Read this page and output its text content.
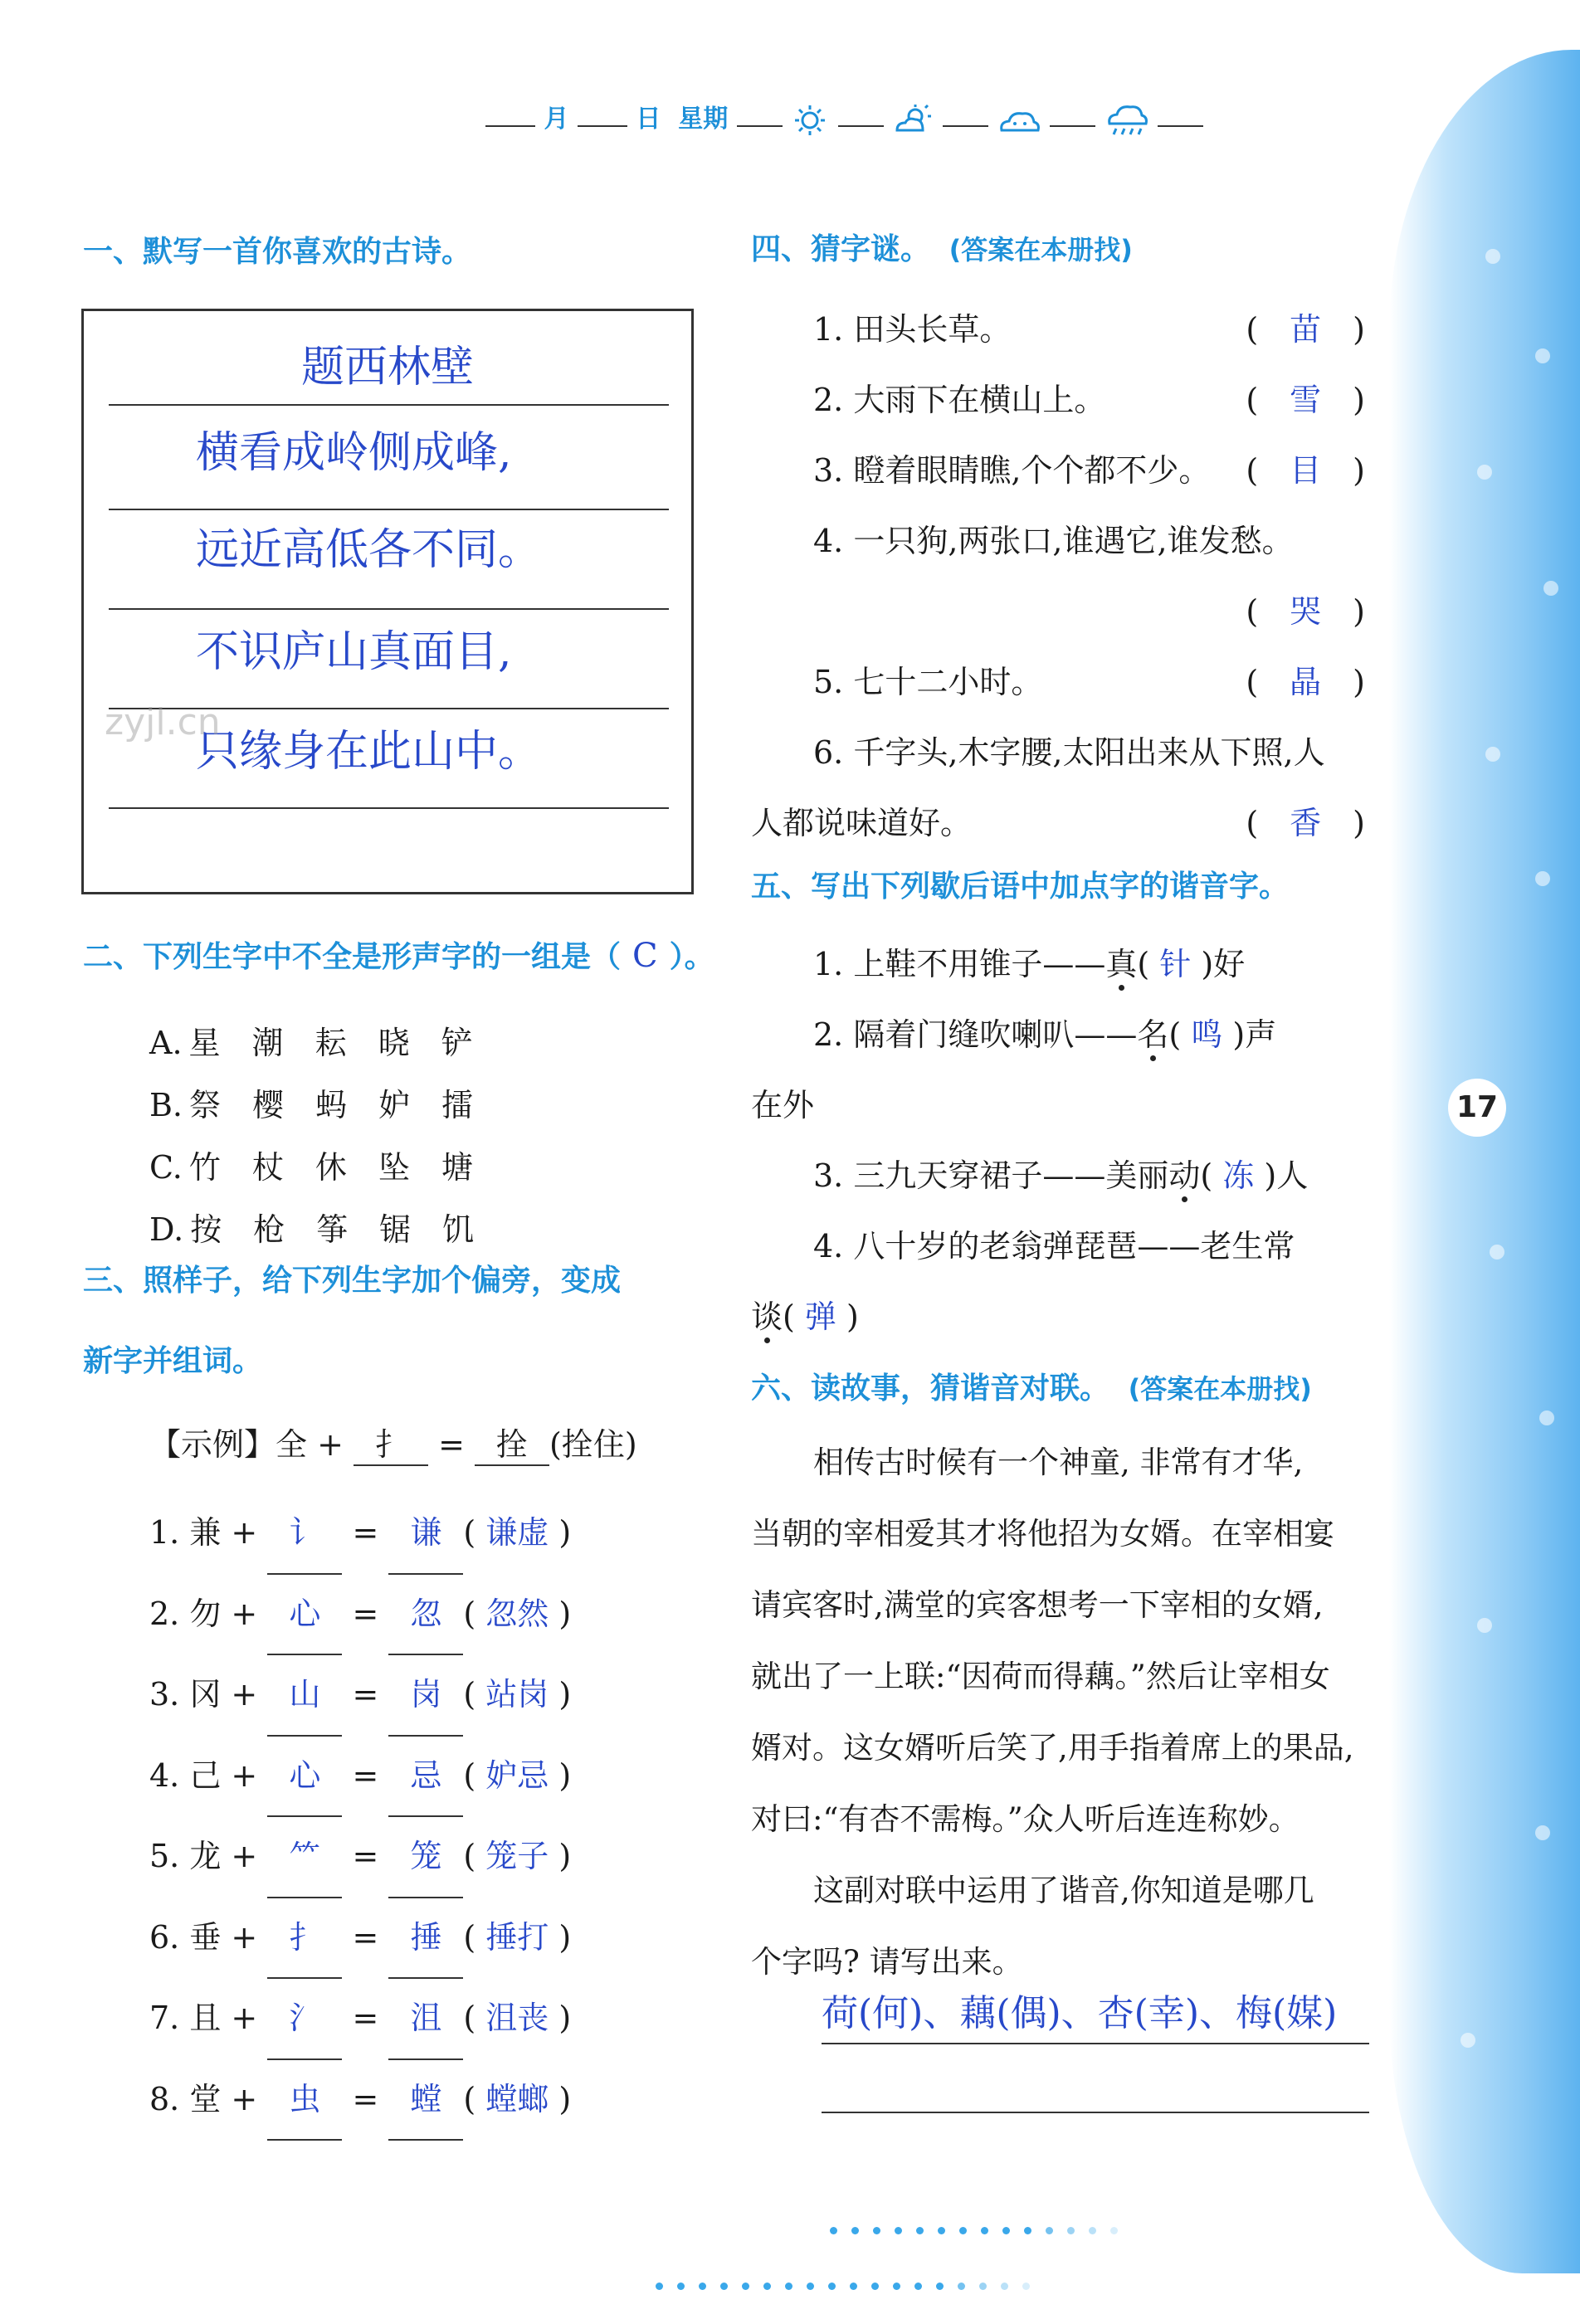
17
月	日 星期
一、默写一首你喜欢的古诗。
题西林壁
横看成岭侧成峰,
远近高低各不同。
不识庐山真面目,
只缘身在此山中。
zyjl.cn
二、下列生字中不全是形声字的一组是（ C ）。
A. 星  潮  耘  晓  铲
B. 祭  樱  蚂  妒  擂
C. 竹  杖  休  坠  塘
D. 按  枪  筝  锯  饥
三、照样子，给下列生字加个偏旁，变成
新字并组词。
【示例】全 + 扌 = 拴 (拴住)
1. 兼 + 讠 = 谦 ( 谦虚 )
2. 勿 + 心 = 忽 ( 忽然 )
3. 冈 + 山 = 岗 ( 站岗 )
4. 己 + 心 = 忌 ( 妒忌 )
5. 龙 + ⺮ = 笼 ( 笼子 )
6. 垂 + 扌 = 捶 ( 捶打 )
7. 且 + 氵 = 沮 ( 沮丧 )
8. 堂 + 虫 = 螳 ( 螳螂 )
四、猜字谜。 (答案在本册找)
1. 田头长草。	( 苗 )
2. 大雨下在横山上。	( 雪 )
3. 瞪着眼睛瞧,个个都不少。 ( 目 )
4. 一只狗,两张口,谁遇它,谁发愁。
( 哭 )
5. 七十二小时。	( 晶 )
6. 千字头,木字腰,太阳出来从下照,人
人都说味道好。	( 香 )
五、写出下列歇后语中加点字的谐音字。
1. 上鞋不用锥子——真( 针 )好
2. 隔着门缝吹喇叭——名( 鸣 )声
在外
3. 三九天穿裙子——美丽动( 冻 )人
4. 八十岁的老翁弹琵琶——老生常
谈( 弹 )
六、读故事，猜谐音对联。 (答案在本册找)
相传古时候有一个神童, 非常有才华,
当朝的宰相爱其才将他招为女婿。在宰相宴
请宾客时,满堂的宾客想考一下宰相的女婿,
就出了一上联:“因荷而得藕。”然后让宰相女
婿对。这女婿听后笑了,用手指着席上的果品,
对曰:“有杏不需梅。”众人听后连连称妙。
这副对联中运用了谐音,你知道是哪几
个字吗? 请写出来。
荷(何)、藕(偶)、杏(幸)、梅(媒)
